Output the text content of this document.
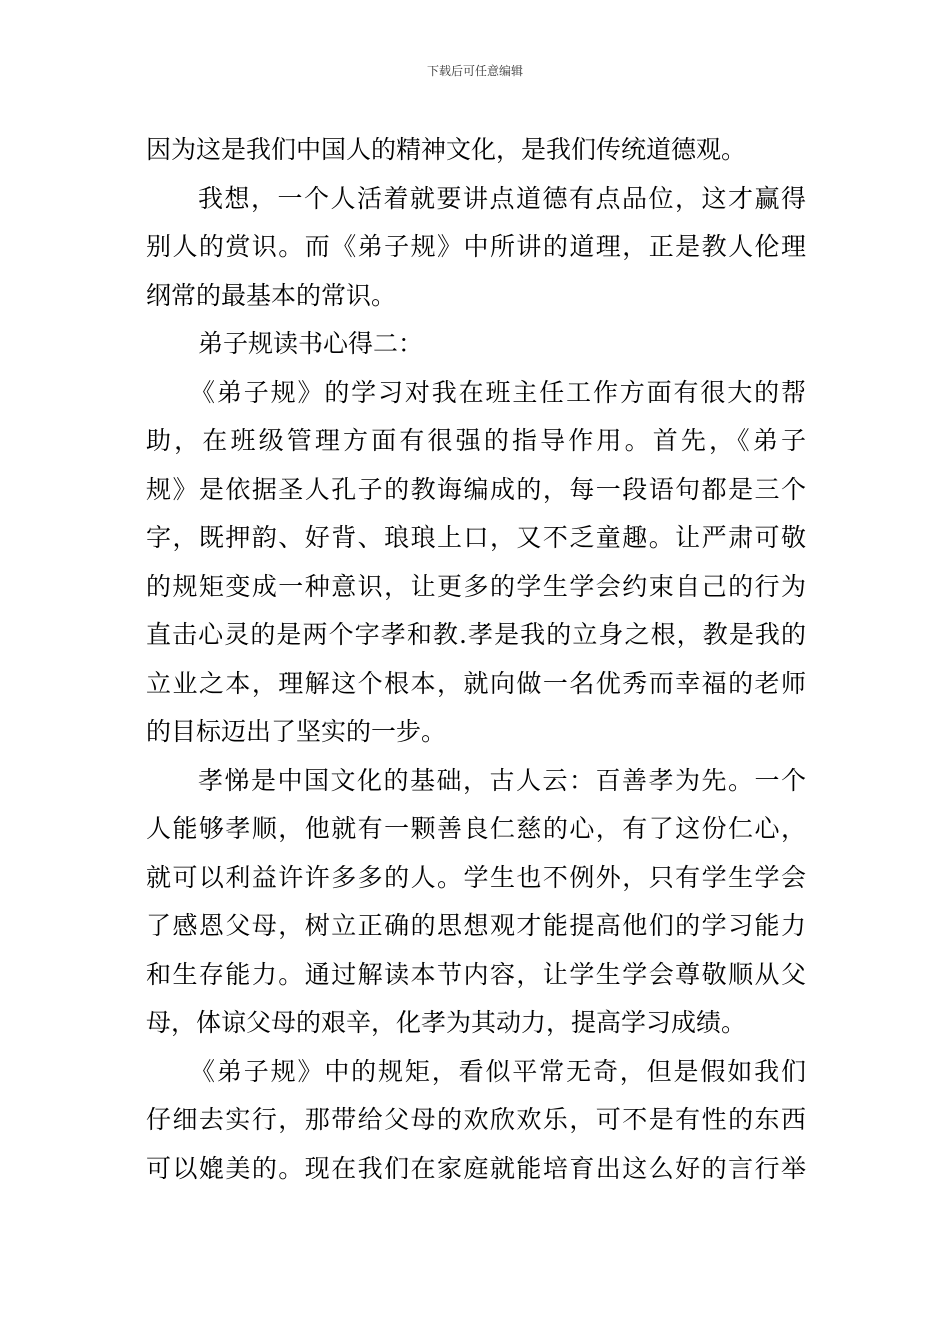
下载后可任意编辑
因为这是我们中国人的精神文化，是我们传统道德观。
我想，一个人活着就要讲点道德有点品位，这才赢得
别人的赏识。而《弟子规》中所讲的道理，正是教人伦理
纲常的最基本的常识。
弟子规读书心得二：
《弟子规》的学习对我在班主任工作方面有很大的帮
助，在班级管理方面有很强的指导作用。首先，《弟子
规》是依据圣人孔子的教诲编成的，每一段语句都是三个
字，既押韵、好背、琅琅上口，又不乏童趣。让严肃可敬
的规矩变成一种意识，让更多的学生学会约束自己的行为
直击心灵的是两个字孝和教.孝是我的立身之根，教是我的
立业之本，理解这个根本，就向做一名优秀而幸福的老师
的目标迈出了坚实的一步。
孝悌是中国文化的基础，古人云：百善孝为先。一个
人能够孝顺，他就有一颗善良仁慈的心，有了这份仁心，
就可以利益许许多多的人。学生也不例外，只有学生学会
了感恩父母，树立正确的思想观才能提高他们的学习能力
和生存能力。通过解读本节内容，让学生学会尊敬顺从父
母，体谅父母的艰辛，化孝为其动力，提高学习成绩。
《弟子规》中的规矩，看似平常无奇，但是假如我们
仔细去实行，那带给父母的欢欣欢乐，可不是有性的东西
可以媲美的。现在我们在家庭就能培育出这么好的言行举
